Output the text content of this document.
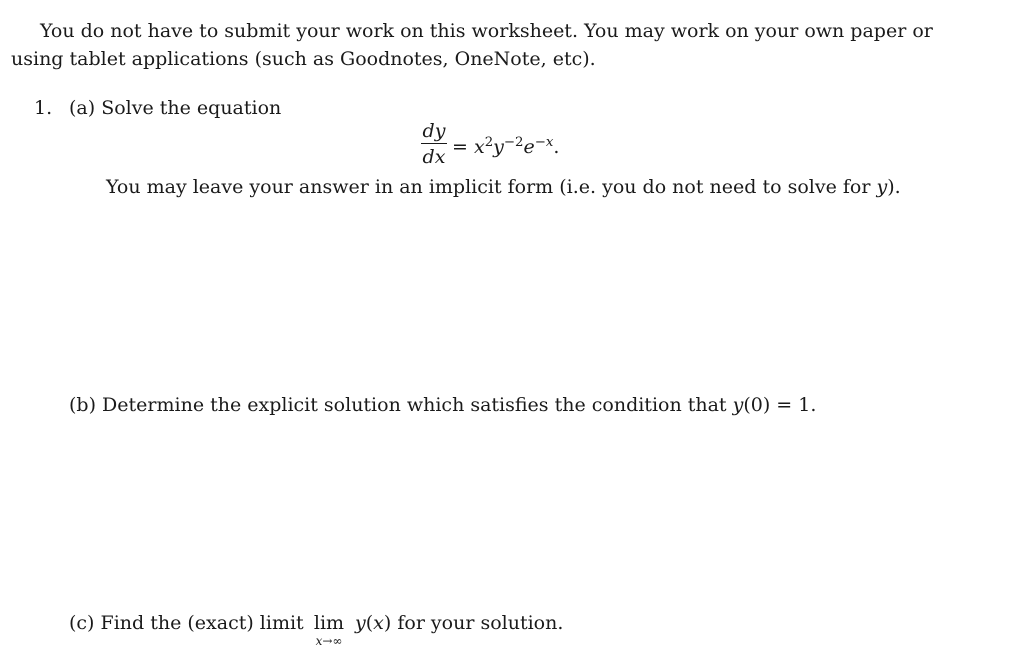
You do not have to submit your work on this worksheet. You may work on your own paper or
using tablet applications (such as Goodnotes, OneNote, etc).
1. (a) Solve the equation
dy
dx = $x^2y^{-2}e^{-x}$.
You may leave your answer in an implicit form (i.e. you do not need to solve for y).
(b) Determine the explicit solution which satisfies the condition that y(0) = 1.
(c) Find the (exact) limit lim
x→∞
y(x) for your solution.
